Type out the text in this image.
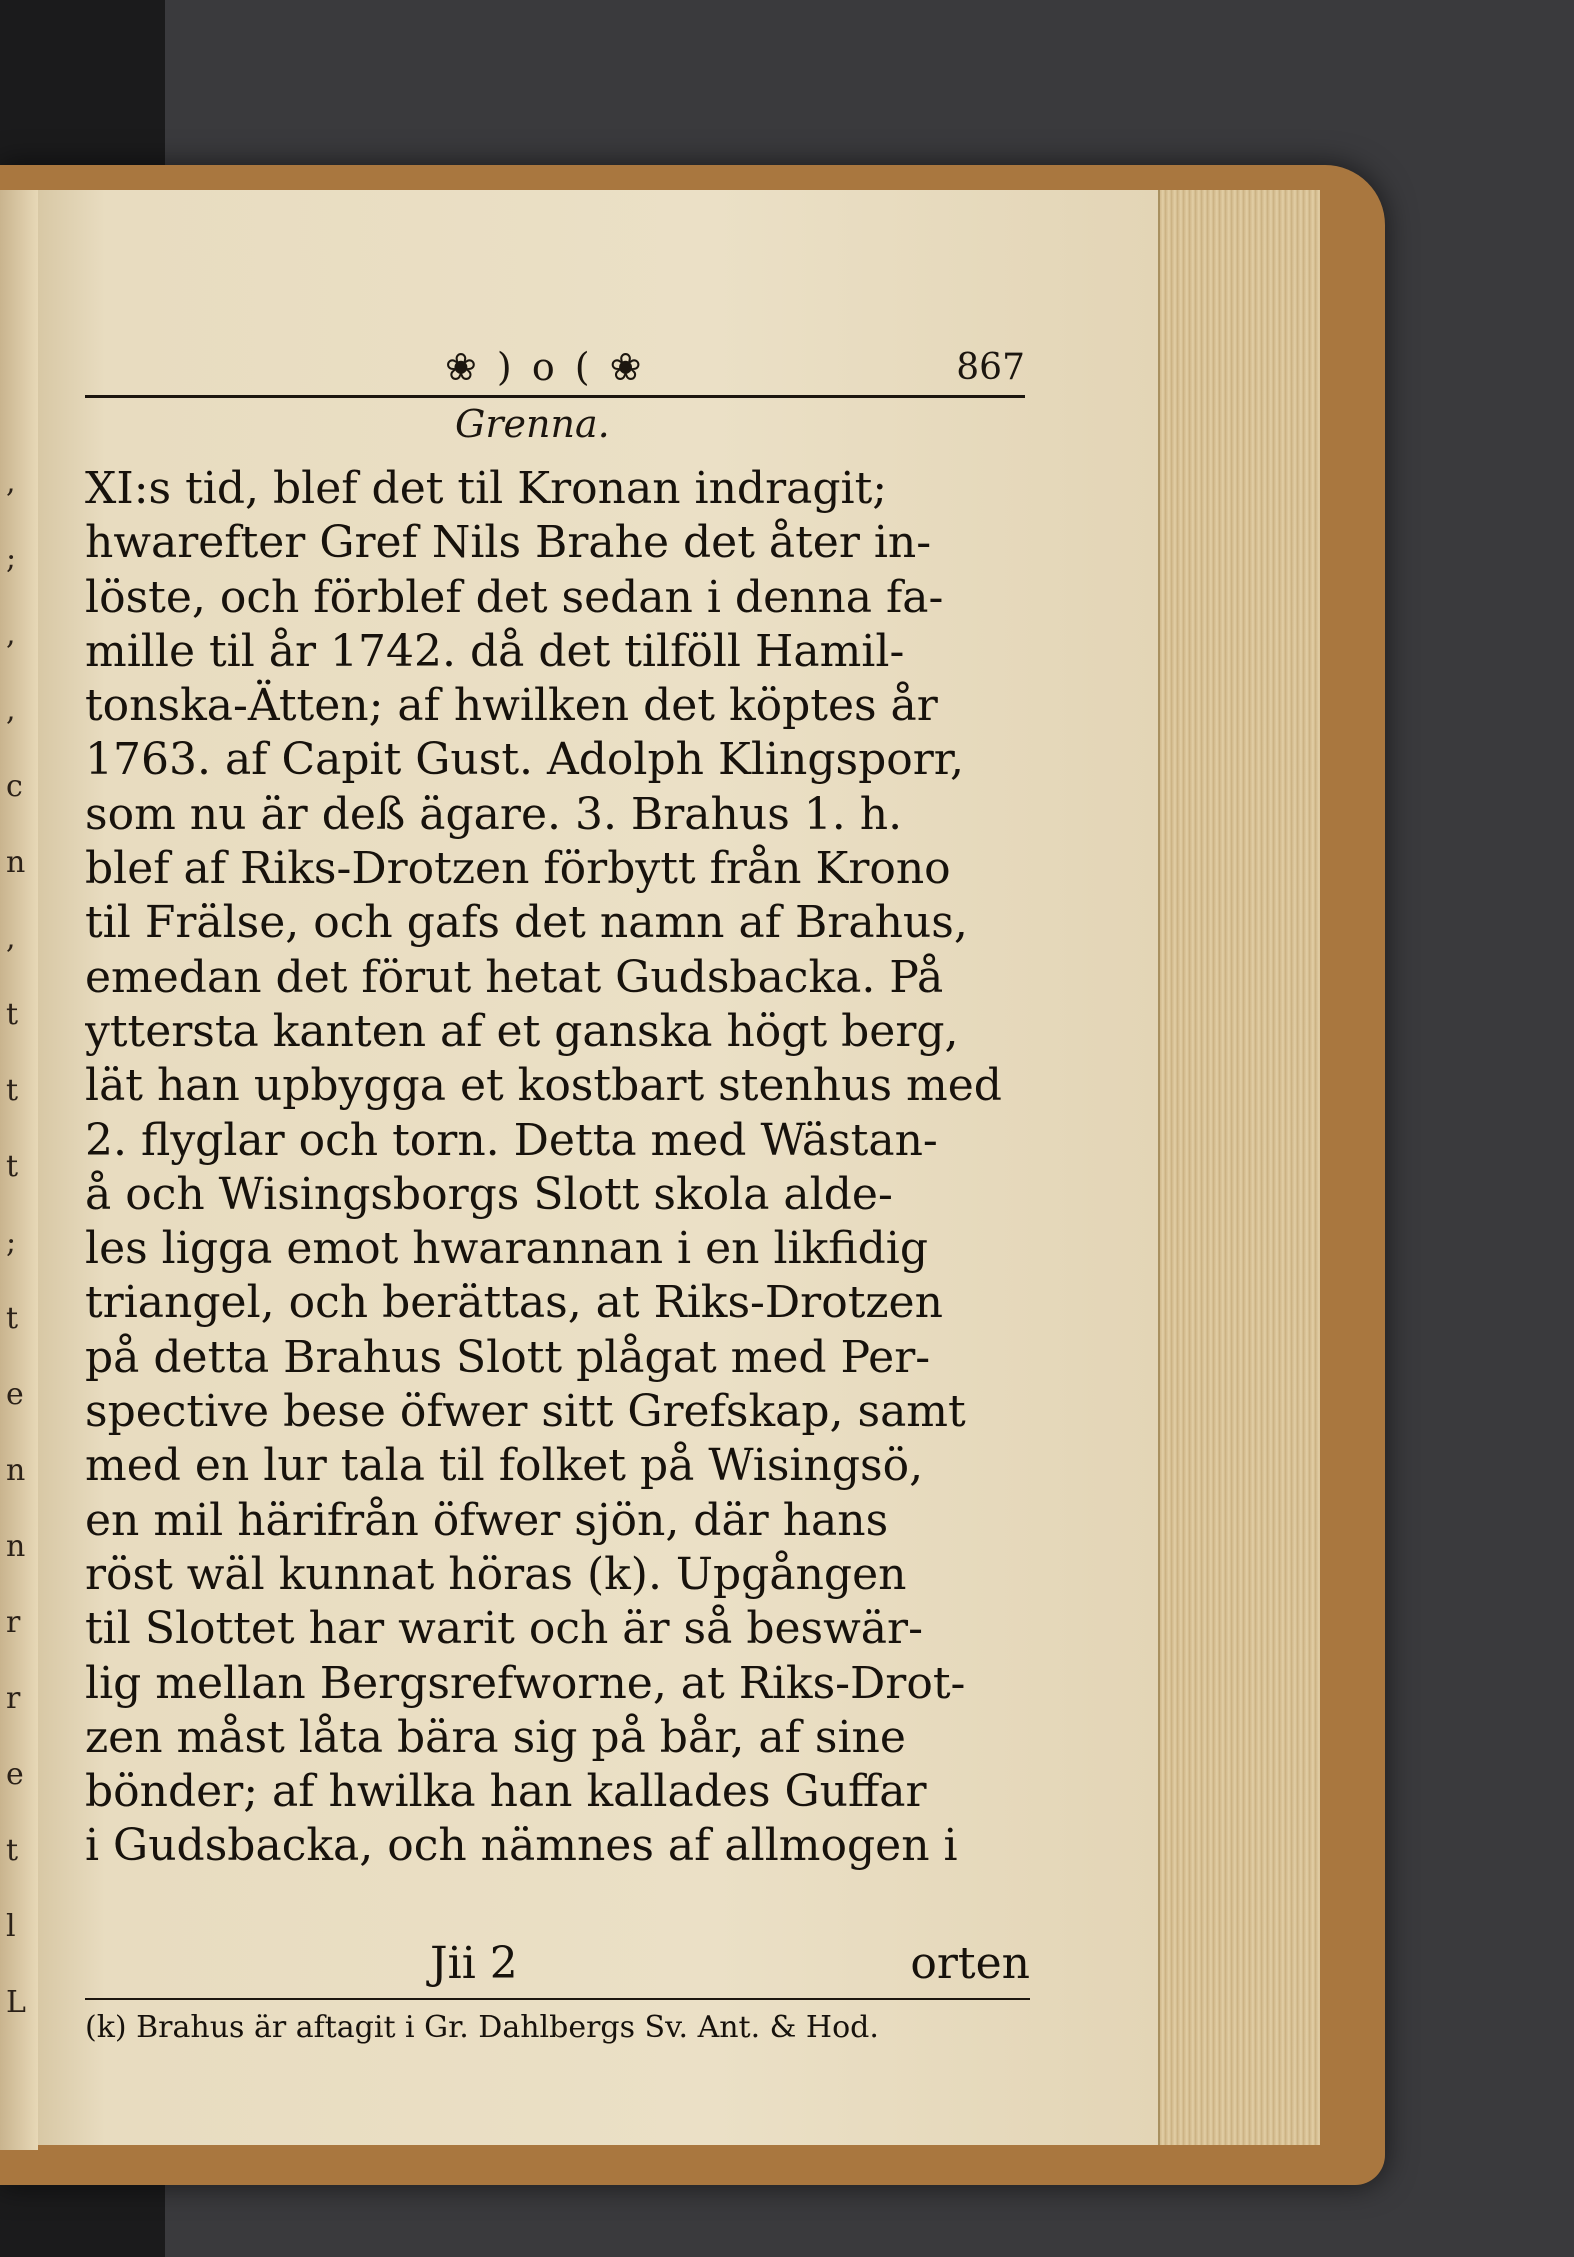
,
;
,
,
c
n
,
t
t
t
;
t
e
n
n
r
r
e
t
l
L
❀ ) o ( ❀	867
Grenna.
XI:s tid, blef det til Kronan indragit;
hwarefter Gref Nils Brahe det åter in-
löste, och förblef det sedan i denna fa-
mille til år 1742. då det tilföll Hamil-
tonska-Ätten; af hwilken det köptes år
1763. af Capit Gust. Adolph Klingsporr,
som nu är deß ägare. 3. Brahus 1. h.
blef af Riks-Drotzen förbytt från Krono
til Frälse, och gafs det namn af Brahus,
emedan det förut hetat Gudsbacka. På
yttersta kanten af et ganska högt berg,
lät han upbygga et kostbart stenhus med
2. flyglar och torn. Detta med Wästan-
å och Wisingsborgs Slott skola alde-
les ligga emot hwarannan i en likfidig
triangel, och berättas, at Riks-Drotzen
på detta Brahus Slott plågat med Per-
spective bese öfwer sitt Grefskap, samt
med en lur tala til folket på Wisingsö,
en mil härifrån öfwer sjön, där hans
röst wäl kunnat höras (k). Upgången
til Slottet har warit och är så beswär-
lig mellan Bergsrefworne, at Riks-Drot-
zen måst låta bära sig på bår, af sine
bönder; af hwilka han kallades Guffar
i Gudsbacka, och nämnes af allmogen i
Jii 2	orten
(k) Brahus är aftagit i Gr. Dahlbergs Sv. Ant. & Hod.
